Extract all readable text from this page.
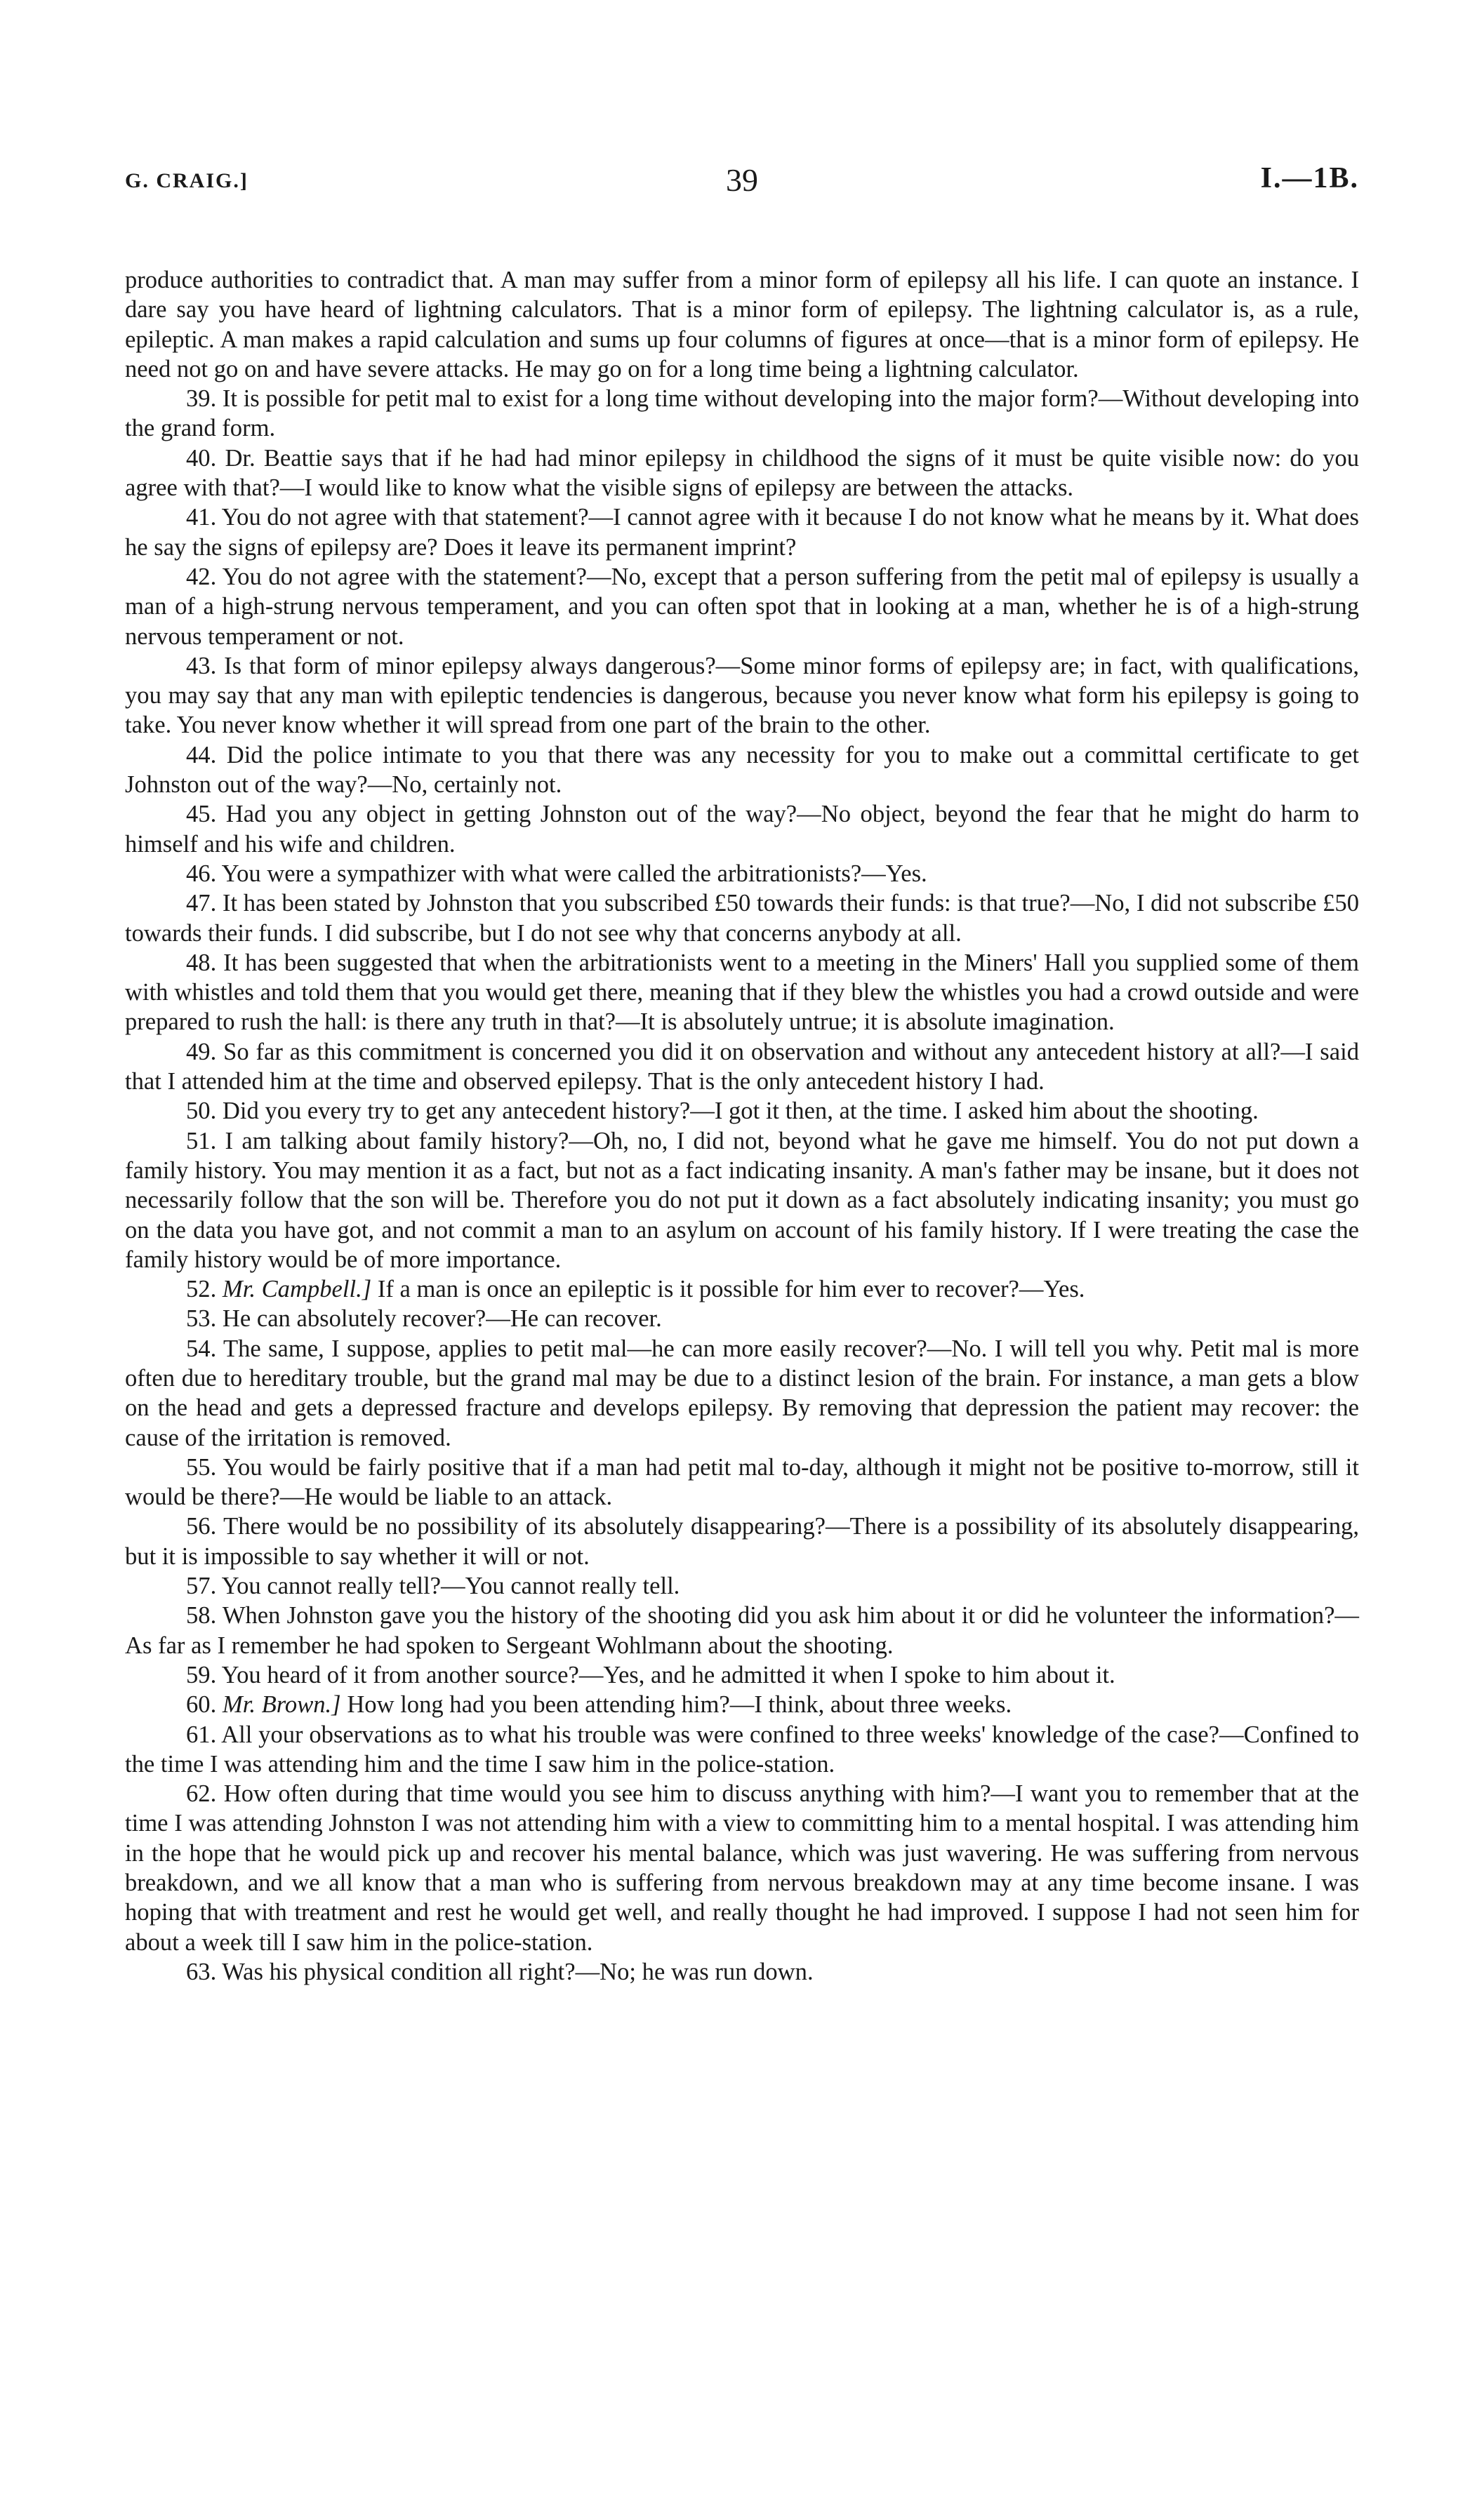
G. CRAIG.]	39	I.—1B.

produce authorities to contradict that. A man may suffer from a minor form of epilepsy all his life. I can quote an instance. I dare say you have heard of lightning calculators. That is a minor form of epilepsy. The lightning calculator is, as a rule, epileptic. A man makes a rapid calculation and sums up four columns of figures at once—that is a minor form of epilepsy. He need not go on and have severe attacks. He may go on for a long time being a lightning calculator.

39. It is possible for petit mal to exist for a long time without developing into the major form?—Without developing into the grand form.

40. Dr. Beattie says that if he had had minor epilepsy in childhood the signs of it must be quite visible now: do you agree with that?—I would like to know what the visible signs of epilepsy are between the attacks.

41. You do not agree with that statement?—I cannot agree with it because I do not know what he means by it. What does he say the signs of epilepsy are? Does it leave its permanent imprint?

42. You do not agree with the statement?—No, except that a person suffering from the petit mal of epilepsy is usually a man of a high-strung nervous temperament, and you can often spot that in looking at a man, whether he is of a high-strung nervous temperament or not.

43. Is that form of minor epilepsy always dangerous?—Some minor forms of epilepsy are; in fact, with qualifications, you may say that any man with epileptic tendencies is dangerous, because you never know what form his epilepsy is going to take. You never know whether it will spread from one part of the brain to the other.

44. Did the police intimate to you that there was any necessity for you to make out a committal certificate to get Johnston out of the way?—No, certainly not.

45. Had you any object in getting Johnston out of the way?—No object, beyond the fear that he might do harm to himself and his wife and children.

46. You were a sympathizer with what were called the arbitrationists?—Yes.

47. It has been stated by Johnston that you subscribed £50 towards their funds: is that true?—No, I did not subscribe £50 towards their funds. I did subscribe, but I do not see why that concerns anybody at all.

48. It has been suggested that when the arbitrationists went to a meeting in the Miners' Hall you supplied some of them with whistles and told them that you would get there, meaning that if they blew the whistles you had a crowd outside and were prepared to rush the hall: is there any truth in that?—It is absolutely untrue; it is absolute imagination.

49. So far as this commitment is concerned you did it on observation and without any antecedent history at all?—I said that I attended him at the time and observed epilepsy. That is the only antecedent history I had.

50. Did you every try to get any antecedent history?—I got it then, at the time. I asked him about the shooting.

51. I am talking about family history?—Oh, no, I did not, beyond what he gave me himself. You do not put down a family history. You may mention it as a fact, but not as a fact indicating insanity. A man's father may be insane, but it does not necessarily follow that the son will be. Therefore you do not put it down as a fact absolutely indicating insanity; you must go on the data you have got, and not commit a man to an asylum on account of his family history. If I were treating the case the family history would be of more importance.

52. Mr. Campbell.] If a man is once an epileptic is it possible for him ever to recover?—Yes.

53. He can absolutely recover?—He can recover.

54. The same, I suppose, applies to petit mal—he can more easily recover?—No. I will tell you why. Petit mal is more often due to hereditary trouble, but the grand mal may be due to a distinct lesion of the brain. For instance, a man gets a blow on the head and gets a depressed fracture and develops epilepsy. By removing that depression the patient may recover: the cause of the irritation is removed.

55. You would be fairly positive that if a man had petit mal to-day, although it might not be positive to-morrow, still it would be there?—He would be liable to an attack.

56. There would be no possibility of its absolutely disappearing?—There is a possibility of its absolutely disappearing, but it is impossible to say whether it will or not.

57. You cannot really tell?—You cannot really tell.

58. When Johnston gave you the history of the shooting did you ask him about it or did he volunteer the information?—As far as I remember he had spoken to Sergeant Wohlmann about the shooting.

59. You heard of it from another source?—Yes, and he admitted it when I spoke to him about it.

60. Mr. Brown.] How long had you been attending him?—I think, about three weeks.

61. All your observations as to what his trouble was were confined to three weeks' knowledge of the case?—Confined to the time I was attending him and the time I saw him in the police-station.

62. How often during that time would you see him to discuss anything with him?—I want you to remember that at the time I was attending Johnston I was not attending him with a view to committing him to a mental hospital. I was attending him in the hope that he would pick up and recover his mental balance, which was just wavering. He was suffering from nervous breakdown, and we all know that a man who is suffering from nervous breakdown may at any time become insane. I was hoping that with treatment and rest he would get well, and really thought he had improved. I suppose I had not seen him for about a week till I saw him in the police-station.

63. Was his physical condition all right?—No; he was run down.
